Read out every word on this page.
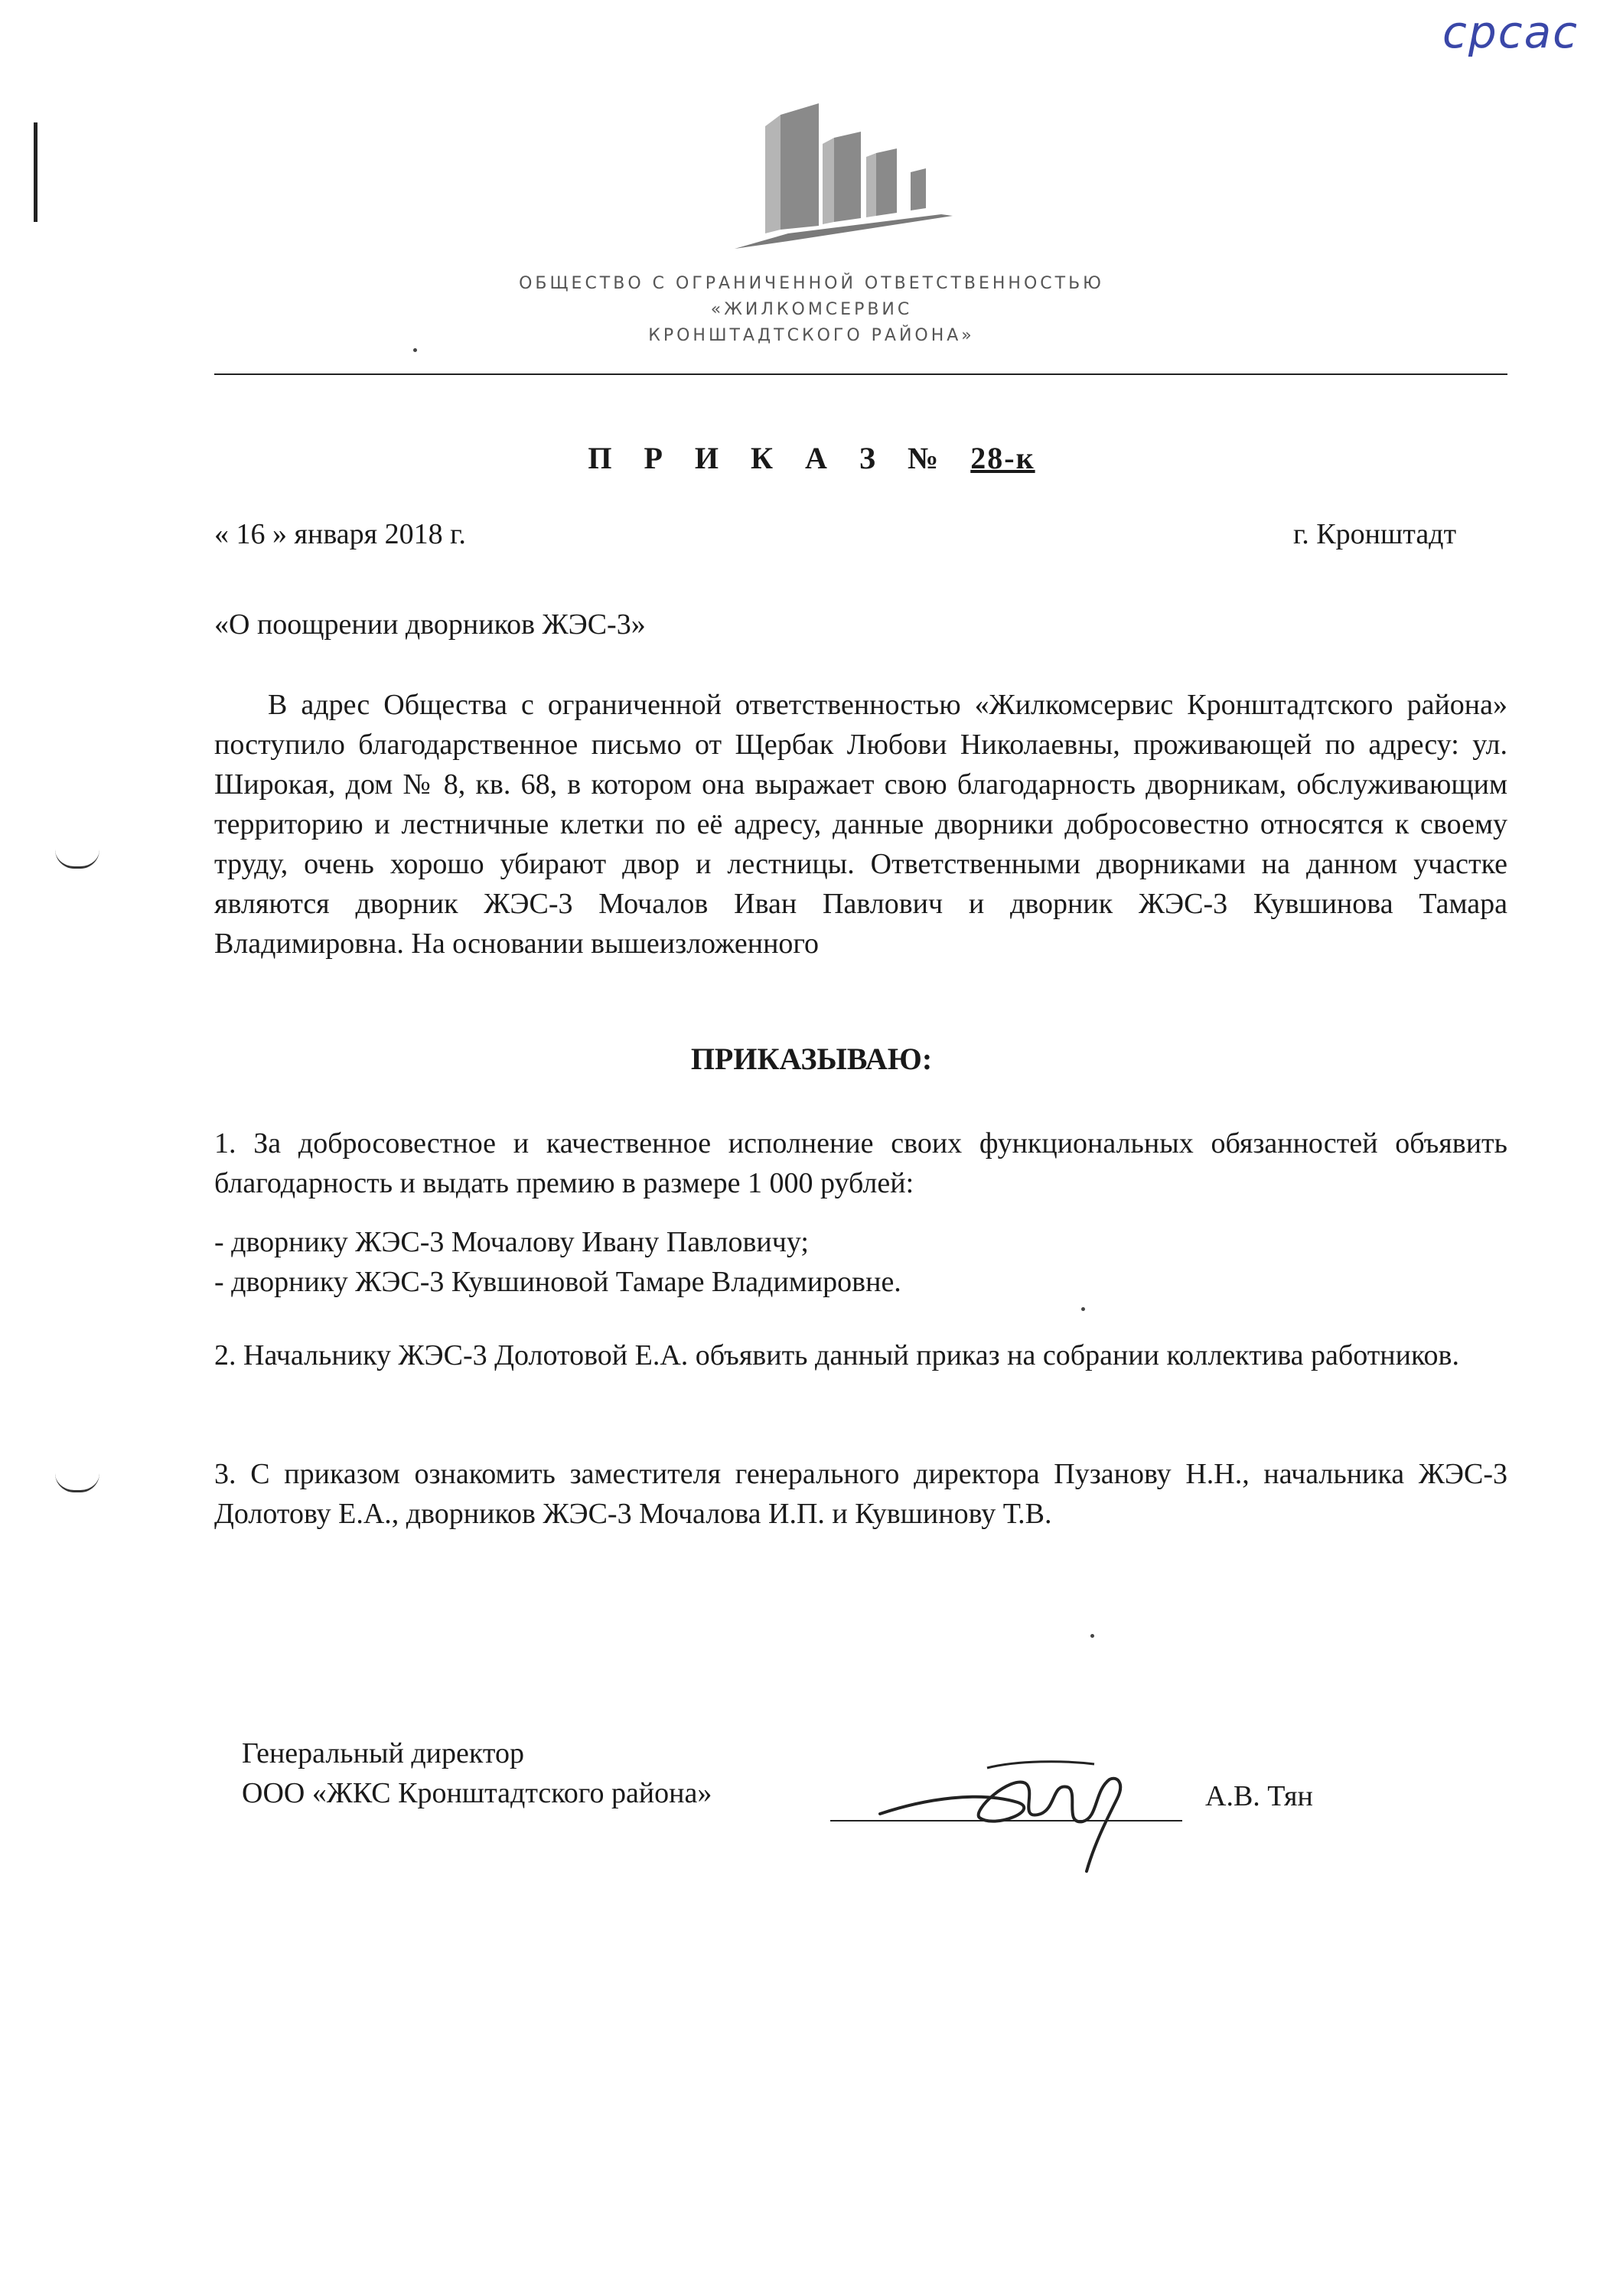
срсас
ОБЩЕСТВО С ОГРАНИЧЕННОЙ ОТВЕТСТВЕННОСТЬЮ
«ЖИЛКОМСЕРВИС
КРОНШТАДТСКОГО РАЙОНА»
П Р И К А З № 28-к
« 16 » января 2018 г.	г. Кронштадт
«О поощрении дворников ЖЭС-3»
В адрес Общества с ограниченной ответственностью «Жилкомсервис Кронштадтского района» поступило благодарственное письмо от Щербак Любови Николаевны, проживающей по адресу: ул. Широкая, дом № 8, кв. 68, в котором она выражает свою благодарность дворникам, обслуживающим территорию и лестничные клетки по её адресу, данные дворники добросовестно относятся к своему труду, очень хорошо убирают двор и лестницы. Ответственными дворниками на данном участке являются дворник ЖЭС-3 Мочалов Иван Павлович и дворник ЖЭС-3 Кувшинова Тамара Владимировна. На основании вышеизложенного
ПРИКАЗЫВАЮ:
1. За добросовестное и качественное исполнение своих функциональных обязанностей объявить благодарность и выдать премию в размере 1 000 рублей:
- дворнику ЖЭС-3 Мочалову Ивану Павловичу;
- дворнику ЖЭС-3 Кувшиновой Тамаре Владимировне.
2. Начальнику ЖЭС-3 Долотовой Е.А. объявить данный приказ на собрании коллектива работников.
3. С приказом ознакомить заместителя генерального директора Пузанову Н.Н., начальника ЖЭС-3 Долотову Е.А., дворников ЖЭС-3 Мочалова И.П. и Кувшинову Т.В.
Генеральный директор
ООО «ЖКС Кронштадтского района»	А.В. Тян
